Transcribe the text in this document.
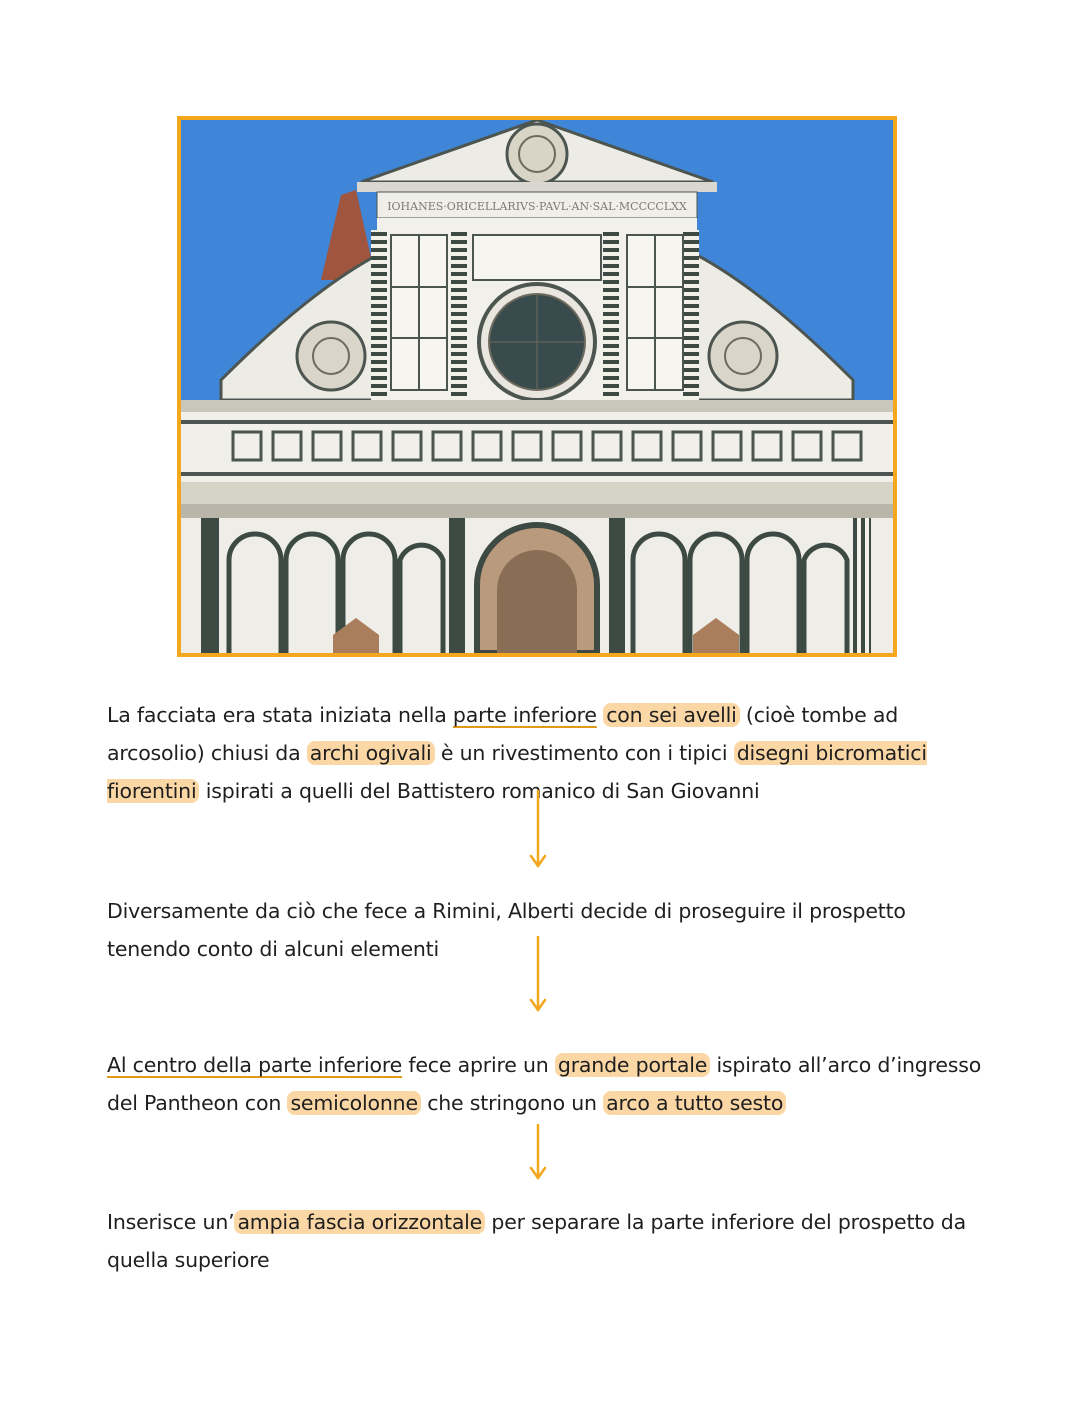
IOHANES·ORICELLARIVS·PAVL·AN·SAL·MCCCCLXX

La facciata era stata iniziata nella parte inferiore con sei avelli (cioè tombe ad arcosolio) chiusi da archi ogivali è un rivestimento con i tipici disegni bicromatici fiorentini ispirati a quelli del Battistero romanico di San Giovanni

Diversamente da ciò che fece a Rimini, Alberti decide di proseguire il prospetto tenendo conto di alcuni elementi

Al centro della parte inferiore fece aprire un grande portale ispirato all’arco d’ingresso del Pantheon con semicolonne che stringono un arco a tutto sesto

Inserisce un’ ampia fascia orizzontale per separare la parte inferiore del prospetto da quella superiore
